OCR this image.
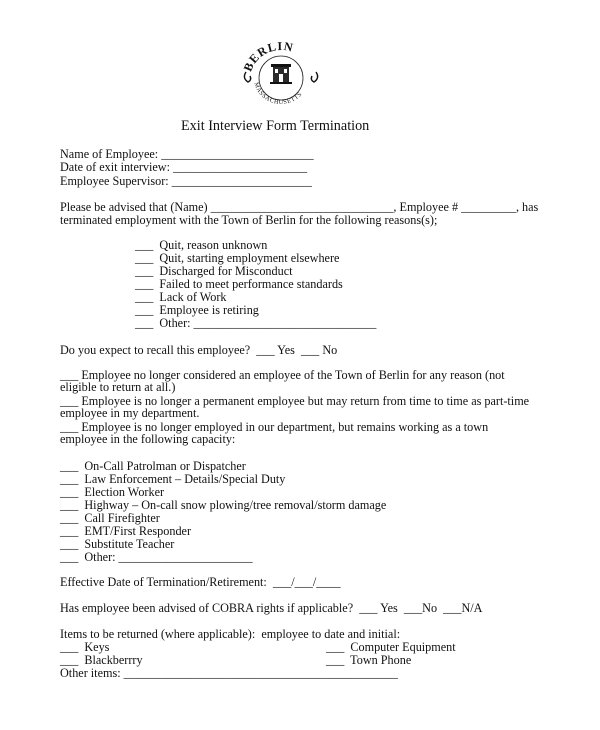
BERLIN
MASSACHUSETTS
Exit Interview Form Termination
Name of Employee: _________________________
Date of exit interview: ______________________
Employee Supervisor: _______________________
Please be advised that (Name) ______________________________, Employee # _________, has
terminated employment with the Town of Berlin for the following reasons(s);
___  Quit, reason unknown
___  Quit, starting employment elsewhere
___  Discharged for Misconduct
___  Failed to meet performance standards
___  Lack of Work
___  Employee is retiring
___  Other: ______________________________
Do you expect to recall this employee?  ___ Yes  ___ No
___ Employee no longer considered an employee of the Town of Berlin for any reason (not
eligible to return at all.)
___ Employee is no longer a permanent employee but may return from time to time as part-time
employee in my department.
___ Employee is no longer employed in our department, but remains working as a town
employee in the following capacity:
___  On-Call Patrolman or Dispatcher
___  Law Enforcement – Details/Special Duty
___  Election Worker
___  Highway – On-call snow plowing/tree removal/storm damage
___  Call Firefighter
___  EMT/First Responder
___  Substitute Teacher
___  Other: ______________________
Effective Date of Termination/Retirement:  ___/___/____
Has employee been advised of COBRA rights if applicable?  ___ Yes  ___No  ___N/A
Items to be returned (where applicable):  employee to date and initial:
___  Keys	___  Computer Equipment
___  Blackberrry	___  Town Phone
Other items: _____________________________________________
